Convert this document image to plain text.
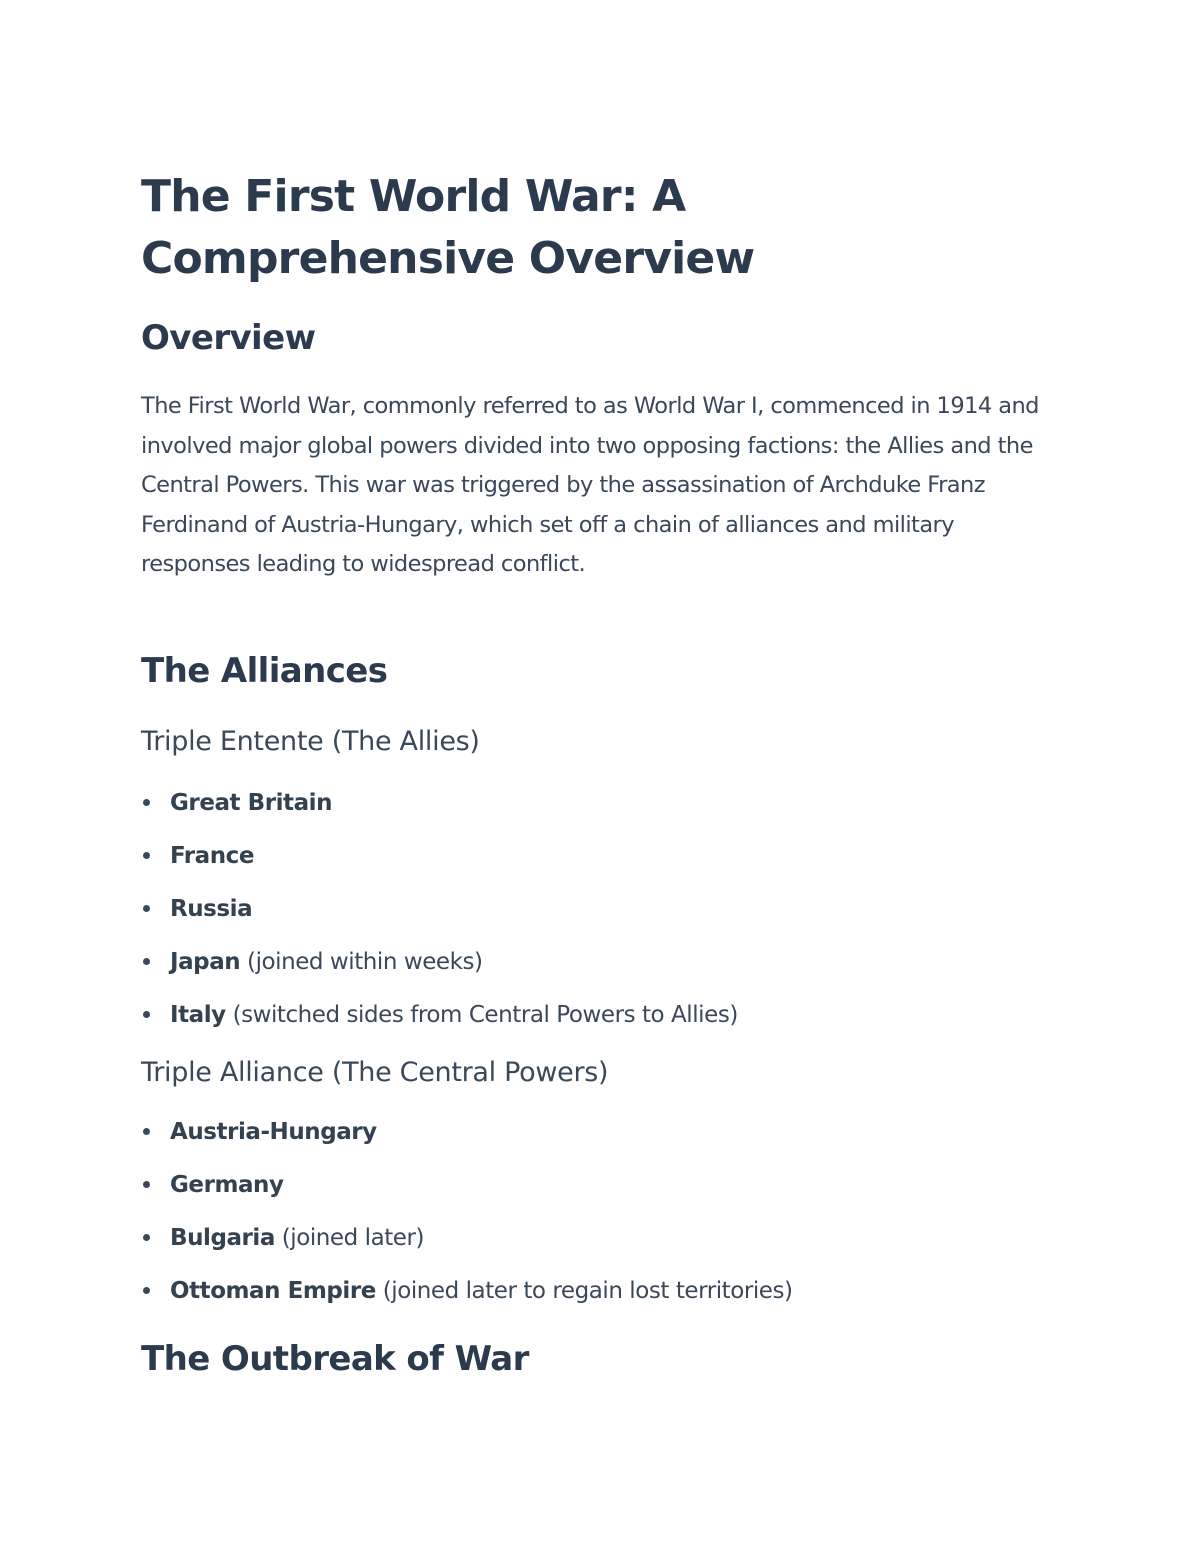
The First World War: A Comprehensive Overview
Overview

The First World War, commonly referred to as World War I, commenced in 1914 and involved major global powers divided into two opposing factions: the Allies and the Central Powers. This war was triggered by the assassination of Archduke Franz Ferdinand of Austria-Hungary, which set off a chain of alliances and military responses leading to widespread conflict.

The Alliances
Triple Entente (The Allies)
Great Britain
France
Russia
Japan (joined within weeks)
Italy (switched sides from Central Powers to Allies)
Triple Alliance (The Central Powers)
Austria-Hungary
Germany
Bulgaria (joined later)
Ottoman Empire (joined later to regain lost territories)
The Outbreak of War
